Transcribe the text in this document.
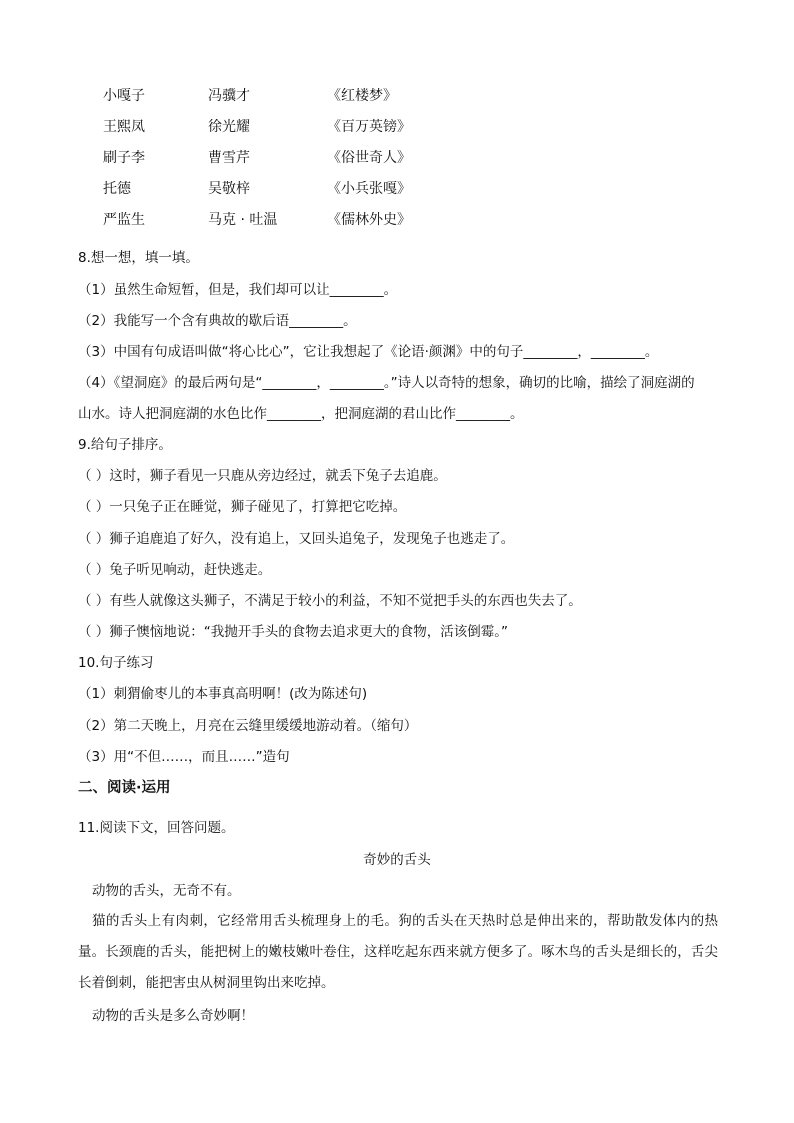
小嘎子	冯骥才	《红楼梦》
王熙凤	徐光耀	《百万英镑》
刷子李	曹雪芹	《俗世奇人》
托德	吴敬梓	《小兵张嘎》
严监生	马克 · 吐温	《儒林外史》
8.想一想，填一填。
（1）虽然生命短暂，但是，我们却可以让________。
（2）我能写一个含有典故的歇后语________。
（3）中国有句成语叫做“将心比心”，它让我想起了《论语·颜渊》中的句子________，________。
（4）《望洞庭》的最后两句是“________，________。”诗人以奇特的想象，确切的比喻，描绘了洞庭湖的
山水。诗人把洞庭湖的水色比作________，把洞庭湖的君山比作________。
9.给句子排序。
（ ）这时，狮子看见一只鹿从旁边经过，就丢下兔子去追鹿。
（ ）一只兔子正在睡觉，狮子碰见了，打算把它吃掉。
（ ）狮子追鹿追了好久，没有追上，又回头追兔子，发现兔子也逃走了。
（ ）兔子听见响动，赶快逃走。
（ ）有些人就像这头狮子，不满足于较小的利益，不知不觉把手头的东西也失去了。
（ ）狮子懊恼地说：“我抛开手头的食物去追求更大的食物，活该倒霉。”
10.句子练习
（1）刺猬偷枣儿的本事真高明啊！(改为陈述句)
（2）第二天晚上，月亮在云缝里缓缓地游动着。（缩句）
（3）用“不但……，而且……”造句
二、阅读·运用
11.阅读下文，回答问题。
奇妙的舌头
动物的舌头，无奇不有。
猫的舌头上有肉刺，它经常用舌头梳理身上的毛。狗的舌头在天热时总是伸出来的，帮助散发体内的热量。长颈鹿的舌头，能把树上的嫩枝嫩叶卷住，这样吃起东西来就方便多了。啄木鸟的舌头是细长的，舌尖长着倒刺，能把害虫从树洞里钩出来吃掉。
动物的舌头是多么奇妙啊！
